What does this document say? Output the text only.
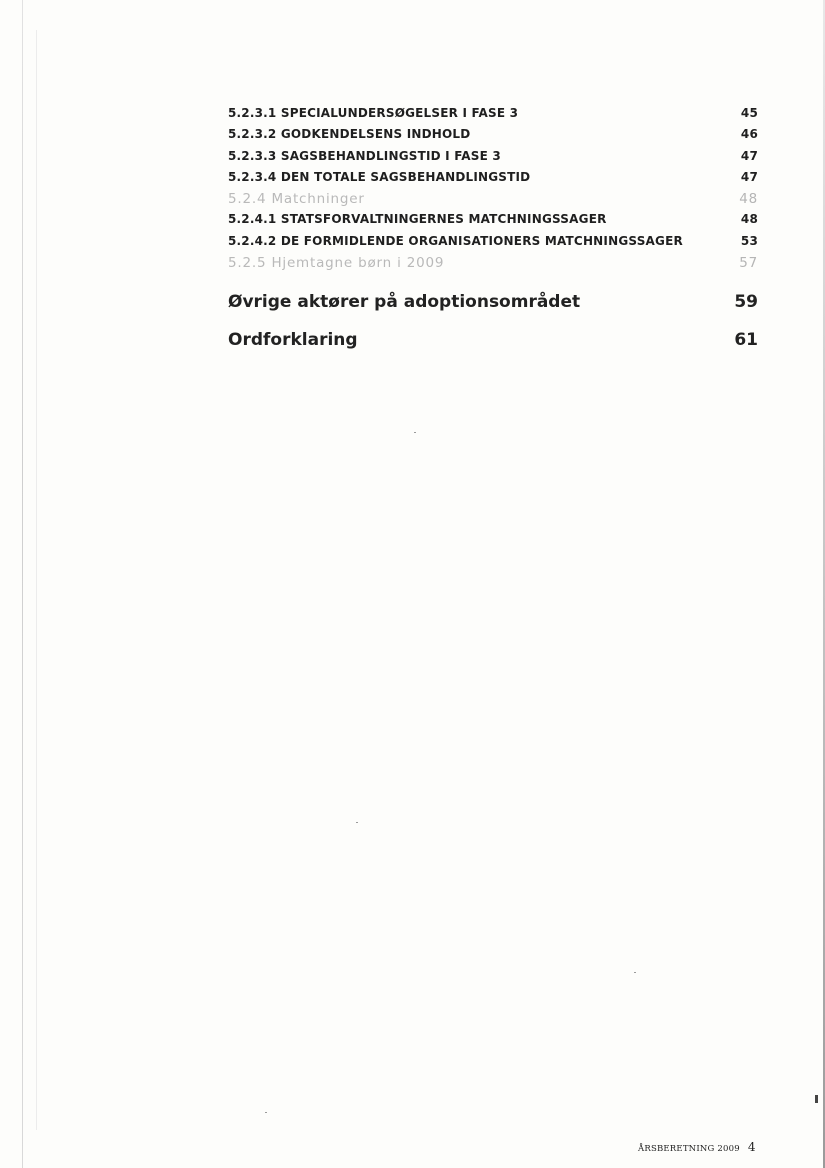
5.2.3.1 SPECIALUNDERSØGELSER I FASE 3	45
5.2.3.2 GODKENDELSENS INDHOLD	46
5.2.3.3 SAGSBEHANDLINGSTID I FASE 3	47
5.2.3.4 DEN TOTALE SAGSBEHANDLINGSTID	47
5.2.4 Matchninger	48
5.2.4.1 STATSFORVALTNINGERNES MATCHNINGSSAGER	48
5.2.4.2 DE FORMIDLENDE ORGANISATIONERS MATCHNINGSSAGER	53
5.2.5 Hjemtagne børn i 2009	57
Øvrige aktører på adoptionsområdet	59
Ordforklaring	61
ÅRSBERETNING 2009 4
